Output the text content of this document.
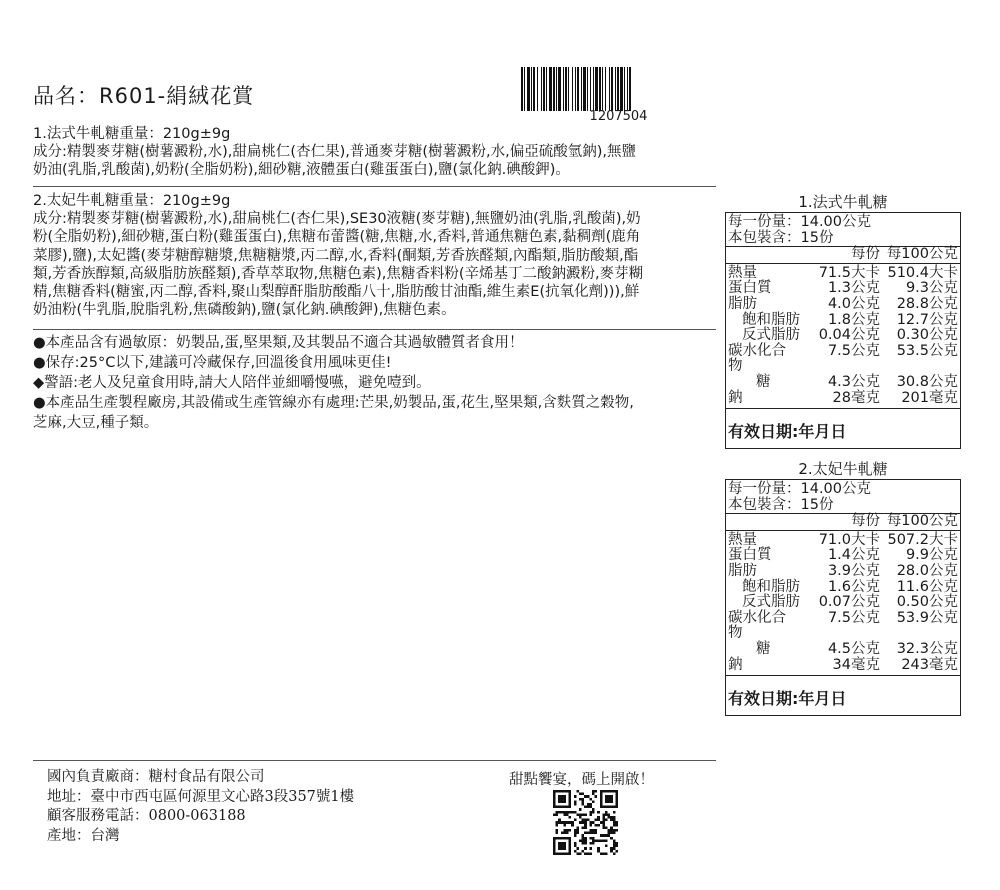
品名：R601-絹絨花賞
1207504
1.法式牛軋糖重量：210g±9g
成分:精製麥芽糖(樹薯澱粉,水),甜扁桃仁(杏仁果),普通麥芽糖(樹薯澱粉,水,偏亞硫酸氫鈉),無鹽
奶油(乳脂,乳酸菌),奶粉(全脂奶粉),細砂糖,液體蛋白(雞蛋蛋白),鹽(氯化鈉.碘酸鉀)。
2.太妃牛軋糖重量：210g±9g
成分:精製麥芽糖(樹薯澱粉,水),甜扁桃仁(杏仁果),SE30液糖(麥芽糖),無鹽奶油(乳脂,乳酸菌),奶
粉(全脂奶粉),細砂糖,蛋白粉(雞蛋蛋白),焦糖布蕾醬(糖,焦糖,水,香料,普通焦糖色素,黏稠劑(鹿角
菜膠),鹽),太妃醬(麥芽糖醇糖漿,焦糖糖漿,丙二醇,水,香料(酮類,芳香族醛類,內酯類,脂肪酸類,酯
類,芳香族醇類,高級脂肪族醛類),香草萃取物,焦糖色素),焦糖香料粉(辛烯基丁二酸鈉澱粉,麥芽糊
精,焦糖香料(糖蜜,丙二醇,香料,聚山梨醇酐脂肪酸酯八十,脂肪酸甘油酯,維生素E(抗氧化劑))),鮮
奶油粉(牛乳脂,脫脂乳粉,焦磷酸鈉),鹽(氯化鈉.碘酸鉀),焦糖色素。
●本產品含有過敏原：奶製品,蛋,堅果類,及其製品不適合其過敏體質者食用！
●保存:25°C以下,建議可冷藏保存,回溫後食用風味更佳!
◆警語:老人及兒童食用時,請大人陪伴並細嚼慢嚥，避免噎到。
●本產品生產製程廠房,其設備或生產管線亦有處理:芒果,奶製品,蛋,花生,堅果類,含麩質之穀物,
芝麻,大豆,種子類。
1.法式牛軋糖
每一份量：14.00公克
本包裝含：15份
每份 每100公克
熱量	71.5大卡 510.4大卡
蛋白質	1.3公克	9.3公克
脂肪	4.0公克	28.8公克
飽和脂肪	1.8公克	12.7公克
反式脂肪	0.04公克	0.30公克
碳水化合物
7.5公克	53.5公克
糖	4.3公克	30.8公克
鈉	28毫克	201毫克
有效日期:年月日
2.太妃牛軋糖
每一份量：14.00公克
本包裝含：15份
每份 每100公克
熱量	71.0大卡 507.2大卡
蛋白質	1.4公克	9.9公克
脂肪	3.9公克	28.0公克
飽和脂肪	1.6公克	11.6公克
反式脂肪	0.07公克	0.50公克
碳水化合物
7.5公克	53.9公克
糖	4.5公克	32.3公克
鈉	34毫克	243毫克
有效日期:年月日
國內負責廠商：糖村食品有限公司
地址：臺中市西屯區何源里文心路3段357號1樓
顧客服務電話：0800-063188
產地：台灣
甜點饗宴，碼上開啟！
